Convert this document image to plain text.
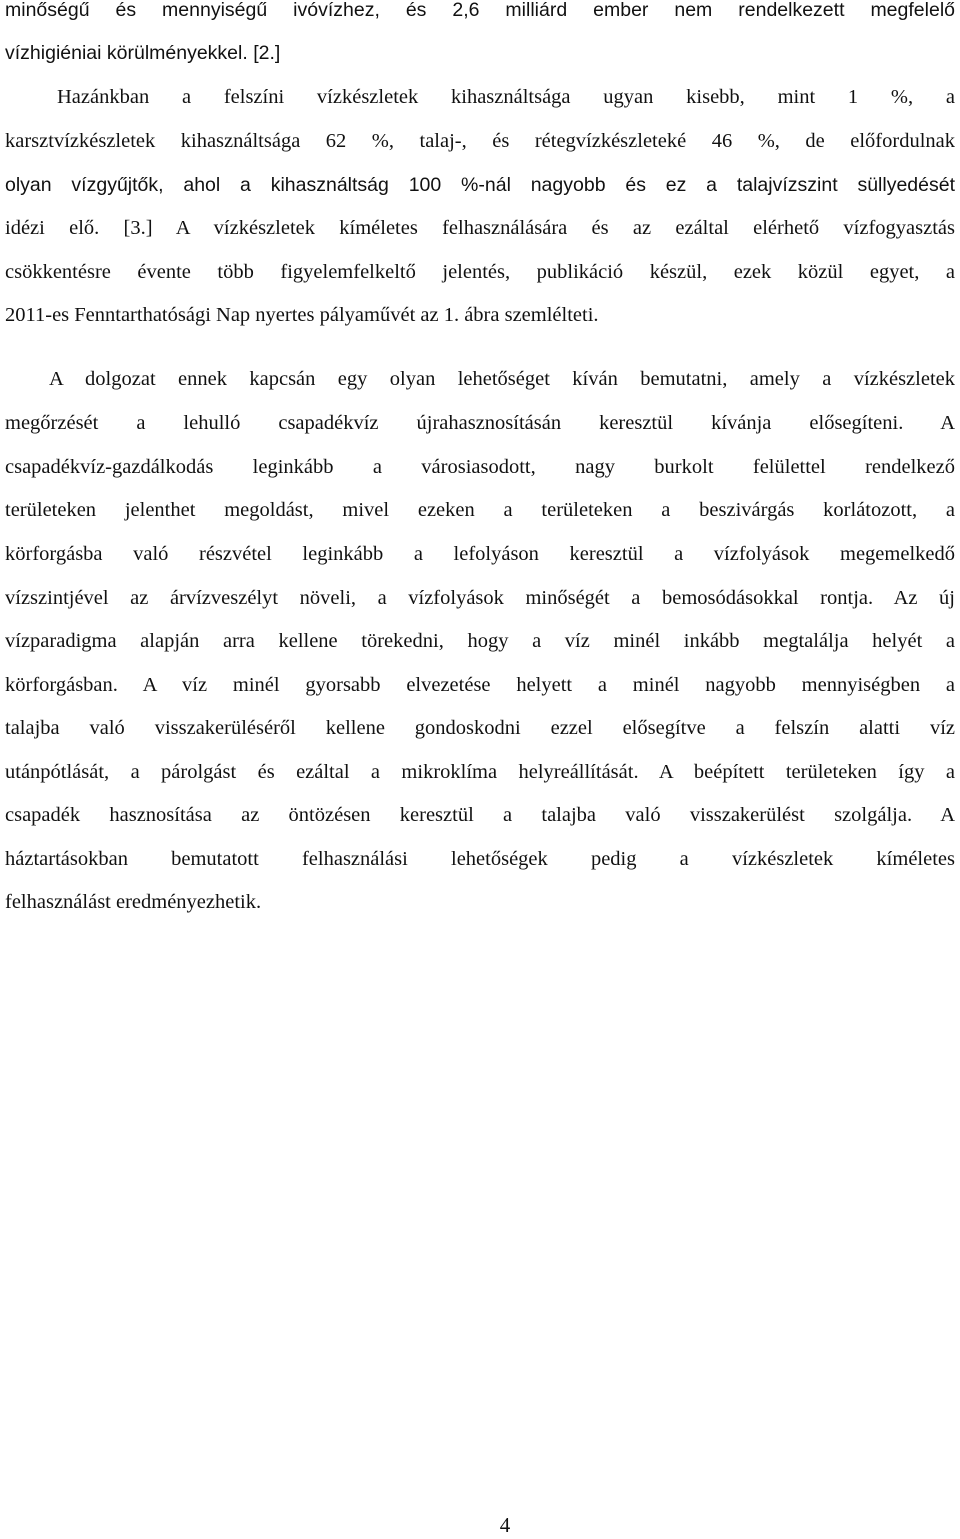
minőségű és mennyiségű ivóvízhez, és 2,6 milliárd ember nem rendelkezett megfelelő
vízhigiéniai körülményekkel. [2.]
Hazánkban a felszíni vízkészletek kihasználtsága ugyan kisebb, mint 1 %, a
karsztvízkészletek kihasználtsága 62 %, talaj-, és rétegvízkészleteké 46 %, de előfordulnak
olyan vízgyűjtők, ahol a kihasználtság 100 %-nál nagyobb és ez a talajvízszint süllyedését
idézi elő. [3.] A vízkészletek kíméletes felhasználására és az ezáltal elérhető vízfogyasztás
csökkentésre évente több figyelemfelkeltő jelentés, publikáció készül, ezek közül egyet, a
2011-es Fenntarthatósági Nap nyertes pályaművét az 1. ábra szemlélteti.
A dolgozat ennek kapcsán egy olyan lehetőséget kíván bemutatni, amely a vízkészletek
megőrzését a lehulló csapadékvíz újrahasznosításán keresztül kívánja elősegíteni. A
csapadékvíz-gazdálkodás leginkább a városiasodott, nagy burkolt felülettel rendelkező
területeken jelenthet megoldást, mivel ezeken a területeken a beszivárgás korlátozott, a
körforgásba való részvétel leginkább a lefolyáson keresztül a vízfolyások megemelkedő
vízszintjével az árvízveszélyt növeli, a vízfolyások minőségét a bemosódásokkal rontja. Az új
vízparadigma alapján arra kellene törekedni, hogy a víz minél inkább megtalálja helyét a
körforgásban. A víz minél gyorsabb elvezetése helyett a minél nagyobb mennyiségben a
talajba való visszakerüléséről kellene gondoskodni ezzel elősegítve a felszín alatti víz
utánpótlását, a párolgást és ezáltal a mikroklíma helyreállítását. A beépített területeken így a
csapadék hasznosítása az öntözésen keresztül a talajba való visszakerülést szolgálja. A
háztartásokban bemutatott felhasználási lehetőségek pedig a vízkészletek kíméletes
felhasználást eredményezhetik.
4
